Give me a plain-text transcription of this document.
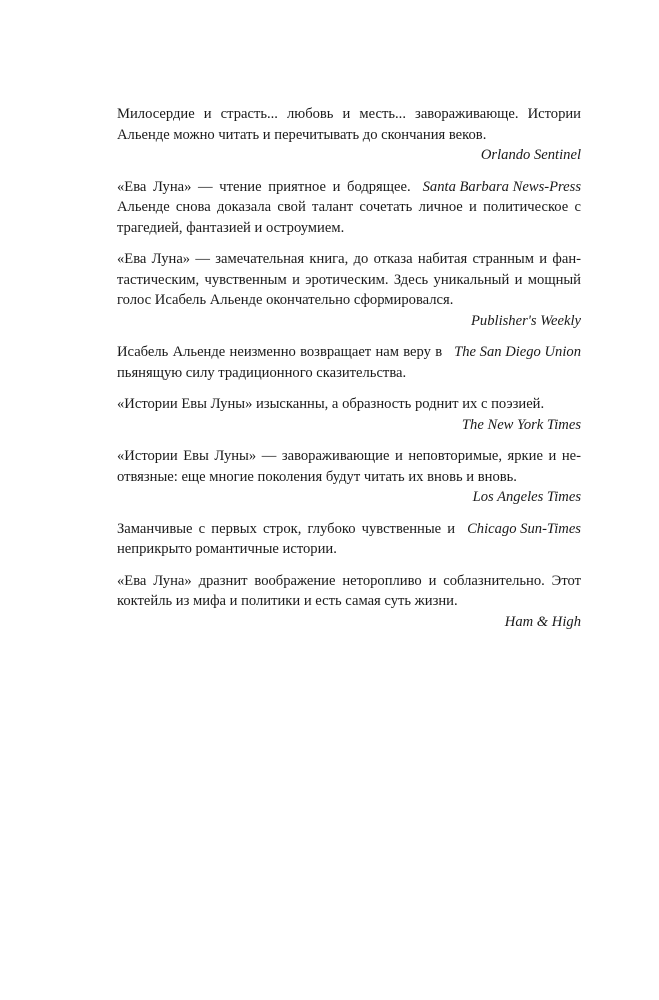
Милосердие и страсть... любовь и месть... завораживающе. Истории Альенде можно читать и перечитывать до скончания веков.

Orlando Sentinel

Santa Barbara News-Press
«Ева Луна» — чтение приятное и бодрящее. Альенде снова доказала свой талант сочетать личное и политическое с трагедией, фантазией и остроумием.

«Ева Луна» — замечательная книга, до отказа набитая странным и фантастическим, чувственным и эротическим. Здесь уникальный и мощный голос Исабель Альенде окончательно сформировался.

Publisher's Weekly

The San Diego Union
Исабель Альенде неизменно возвращает нам веру в пьянящую силу традиционного сказительства.

«Истории Евы Луны» изысканны, а образность роднит их с поэзией.

The New York Times

«Истории Евы Луны» — завораживающие и неповторимые, яркие и неотвязные: еще многие поколения будут читать их вновь и вновь.

Los Angeles Times

Chicago Sun-Times
Заманчивые с первых строк, глубоко чувственные и неприкрыто романтичные истории.

«Ева Луна» дразнит воображение неторопливо и соблазнительно. Этот коктейль из мифа и политики и есть самая суть жизни.

Ham & High
